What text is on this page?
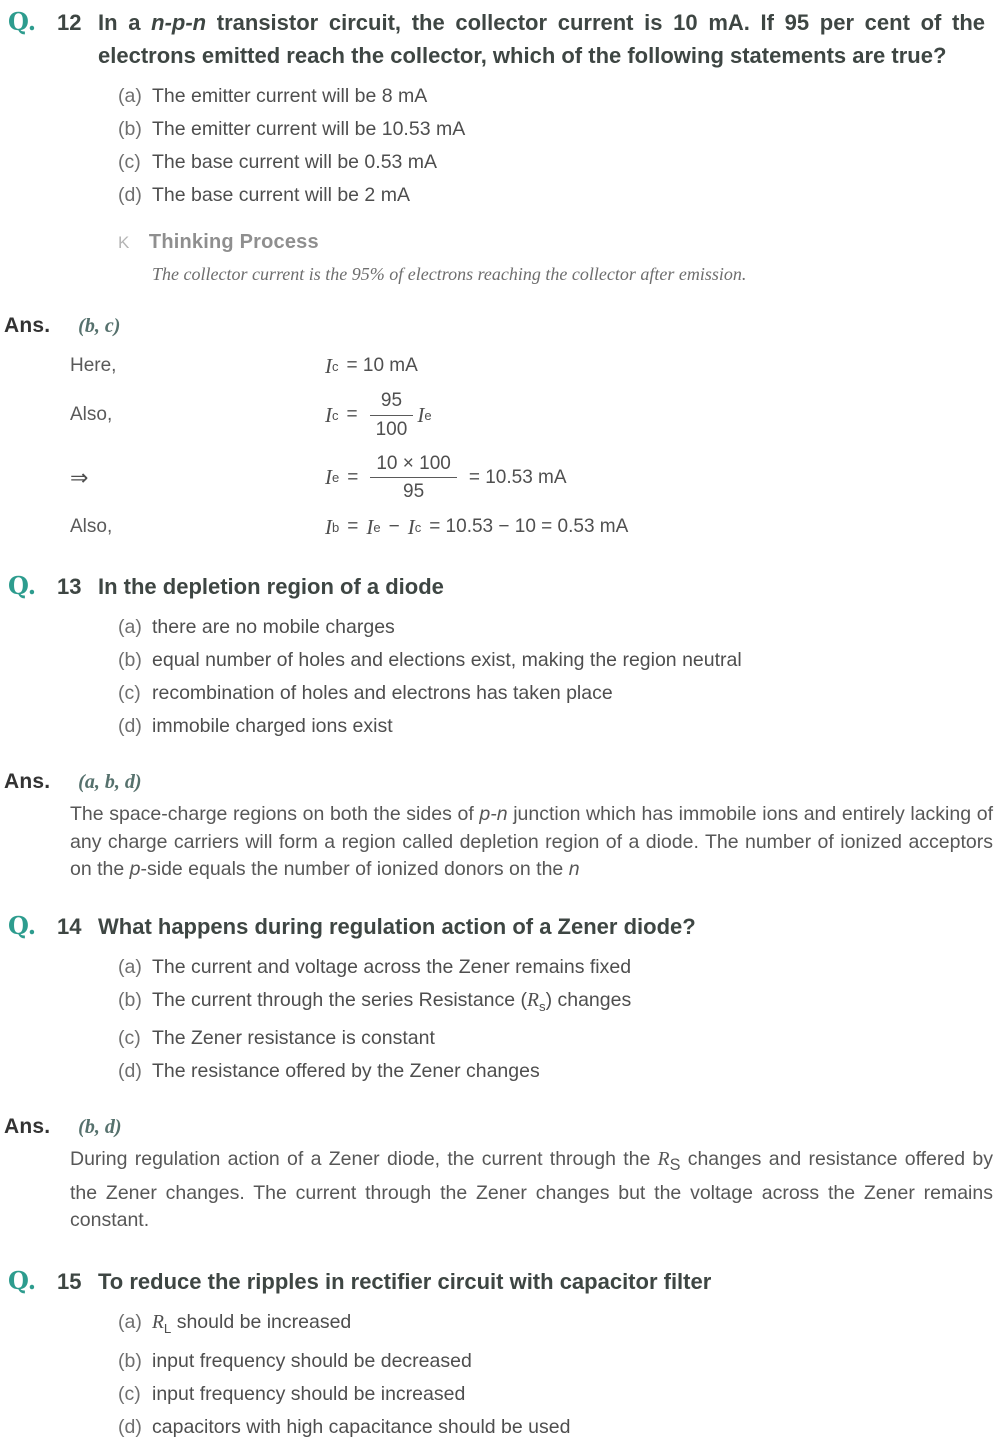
Q. 12 In a n-p-n transistor circuit, the collector current is 10 mA. If 95 per cent of the electrons emitted reach the collector, which of the following statements are true?
(a) The emitter current will be 8 mA
(b) The emitter current will be 10.53 mA
(c) The base current will be 0.53 mA
(d) The base current will be 2 mA
K Thinking Process
The collector current is the 95% of electrons reaching the collector after emission.
Ans. (b, c)
Here,	I c = 10 mA
Also,	I $c = \frac{95}{100}$ I e
⇒	I $e = \frac{10 \times 100}{95} = 10.53$ mA
Also,	I b = I e − I c = 10.53 − 10 = 0.53 mA
Q. 13 In the depletion region of a diode
(a) there are no mobile charges
(b) equal number of holes and elections exist, making the region neutral
(c) recombination of holes and electrons has taken place
(d) immobile charged ions exist
Ans. (a, b, d)

The space-charge regions on both the sides of p-n junction which has immobile ions and entirely lacking of any charge carriers will form a region called depletion region of a diode. The number of ionized acceptors on the p-side equals the number of ionized donors on the n

Q. 14 What happens during regulation action of a Zener diode?
(a) The current and voltage across the Zener remains fixed
(b) The current through the series Resistance $(R_s)$ changes
(c) The Zener resistance is constant
(d) The resistance offered by the Zener changes
Ans. (b, d)

During regulation action of a Zener diode, the current through the $R_S$ changes and resistance offered by the Zener changes. The current through the Zener changes but the voltage across the Zener remains constant.

Q. 15 To reduce the ripples in rectifier circuit with capacitor filter
(a) $R_L$ should be increased
(b) input frequency should be decreased
(c) input frequency should be increased
(d) capacitors with high capacitance should be used
